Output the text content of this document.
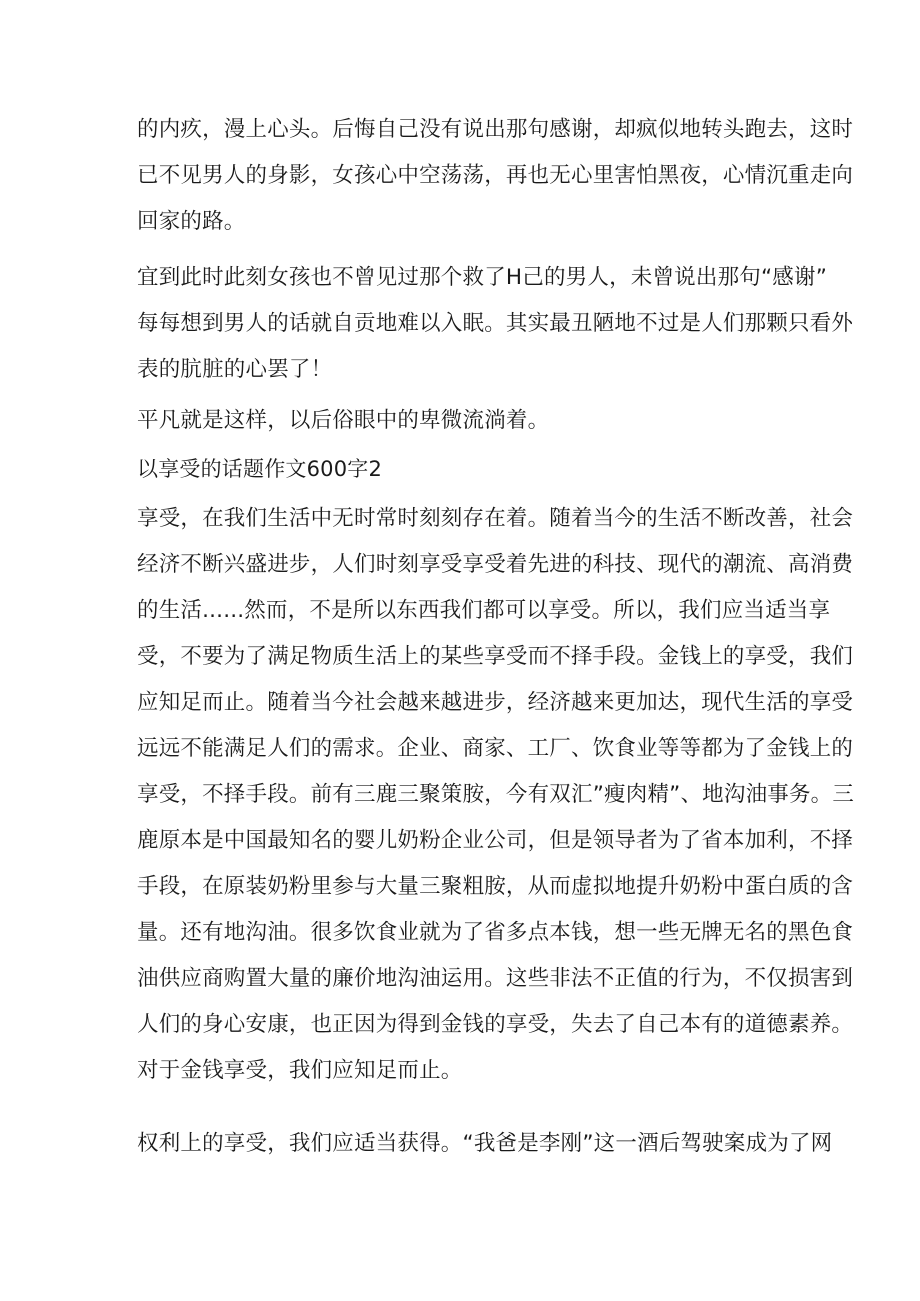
的内疚，漫上心头。后悔自己没有说出那句感谢，却疯似地转头跑去，这时
已不见男人的身影，女孩心中空荡荡，再也无心里害怕黑夜，心情沉重走向
回家的路。
宜到此时此刻女孩也不曾见过那个救了H己的男人，未曾说出那句“感谢”
每每想到男人的话就自贡地难以入眠。其实最丑陋地不过是人们那颗只看外
表的肮脏的心罢了！
平凡就是这样，以后俗眼中的卑微流淌着。
以享受的话题作文600字2
享受，在我们生活中无时常时刻刻存在着。随着当今的生活不断改善，社会
经济不断兴盛进步，人们时刻享受享受着先进的科技、现代的潮流、高消费
的生活......然而，不是所以东西我们都可以享受。所以，我们应当适当享
受，不要为了满足物质生活上的某些享受而不择手段。金钱上的享受，我们
应知足而止。随着当今社会越来越进步，经济越来更加达，现代生活的享受
远远不能满足人们的需求。企业、商家、工厂、饮食业等等都为了金钱上的
享受，不择手段。前有三鹿三聚策胺，今有双汇”瘦肉精”、地沟油事务。三
鹿原本是中国最知名的婴儿奶粉企业公司，但是领导者为了省本加利，不择
手段，在原装奶粉里参与大量三聚粗胺，从而虚拟地提升奶粉中蛋白质的含
量。还有地沟油。很多饮食业就为了省多点本钱，想一些无牌无名的黑色食
油供应商购置大量的廉价地沟油运用。这些非法不正值的行为，不仅损害到
人们的身心安康，也正因为得到金钱的享受，失去了自己本有的道德素养。
对于金钱享受，我们应知足而止。
权利上的享受，我们应适当获得。“我爸是李刚”这一酒后驾驶案成为了网
